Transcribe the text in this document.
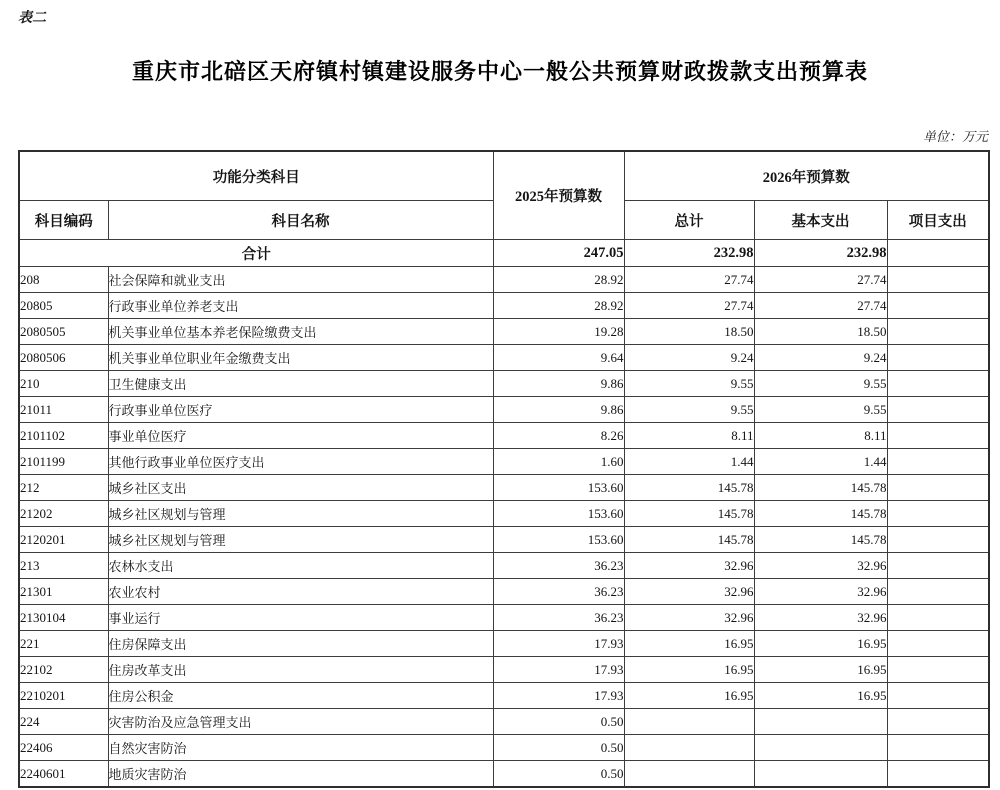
表二
重庆市北碚区天府镇村镇建设服务中心一般公共预算财政拨款支出预算表
单位：万元
功能分类科目		2025年预算数	2026年预算数		
科目编码	科目名称		总计	基本支出	项目支出
合计		247.05	232.98	232.98	
208	社会保障和就业支出	28.92	27.74	27.74	
20805	行政事业单位养老支出	28.92	27.74	27.74	
2080505	机关事业单位基本养老保险缴费支出	19.28	18.50	18.50	
2080506	机关事业单位职业年金缴费支出	9.64	9.24	9.24	
210	卫生健康支出	9.86	9.55	9.55	
21011	行政事业单位医疗	9.86	9.55	9.55	
2101102	事业单位医疗	8.26	8.11	8.11	
2101199	其他行政事业单位医疗支出	1.60	1.44	1.44	
212	城乡社区支出	153.60	145.78	145.78	
21202	城乡社区规划与管理	153.60	145.78	145.78	
2120201	城乡社区规划与管理	153.60	145.78	145.78	
213	农林水支出	36.23	32.96	32.96	
21301	农业农村	36.23	32.96	32.96	
2130104	事业运行	36.23	32.96	32.96	
221	住房保障支出	17.93	16.95	16.95	
22102	住房改革支出	17.93	16.95	16.95	
2210201	住房公积金	17.93	16.95	16.95	
224	灾害防治及应急管理支出	0.50			
22406	自然灾害防治	0.50			
2240601	地质灾害防治	0.50			
